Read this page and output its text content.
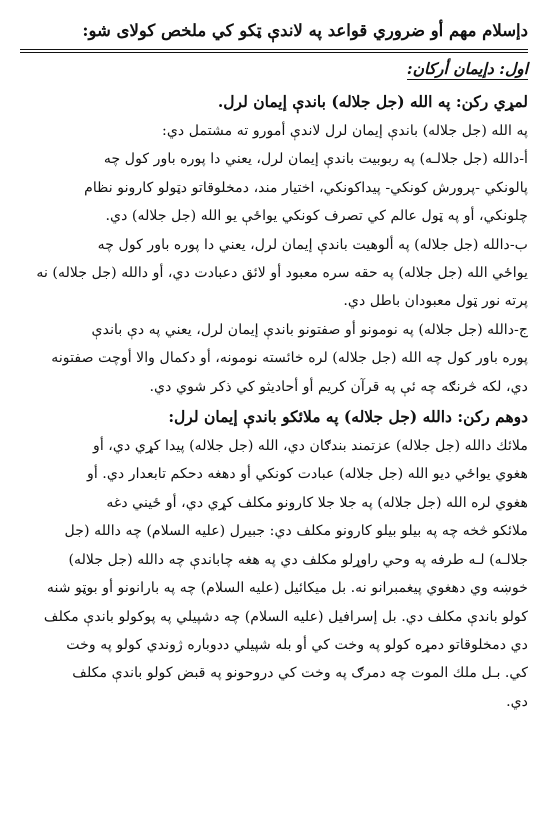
دإسلام مهم أو ضروري قواعد په لاندې ټکو کي ملخص کولای شو:
اول: دإيمان أركان:
لمړي ركن: په الله (جل جلاله) باندې إيمان لرل.
په الله (جل جلاله) باندې إيمان لرل لاندې أمورو ته مشتمل دي:
أ-دالله (جل جلالـه) په ربوبيت باندې إيمان لرل، يعني دا پوره باور كول چه
پالونكي -پرورش كونكي- پيداكونكي، اختيار مند، دمخلوقاتو دټولو كارونو نظام
چلونكي، أو په ټول عالم كي تصرف كونكي يواځې يو الله (جل جلاله) دي.
ب-دالله (جل جلاله) په ألوهيت باندې إيمان لرل، يعني دا پوره باور كول چه
يواځي الله (جل جلاله) په حقه سره معبود أو لائق دعبادت دي، أو دالله (جل جلاله) نه
پرته نور ټول معبودان باطل دي.
ج-دالله (جل جلاله) په نومونو أو صفتونو باندې إيمان لرل، يعني په دې باندې
پوره باور كول چه الله (جل جلاله) لره خائسته نومونه، أو دكمال والا أوچت صفتونه
دي، لكه څرنګه چه ئې په قرآن كريم أو أحاديثو كي ذكر شوي دي.
دوهم ركن: دالله (جل جلاله) په ملائكو باندې إيمان لرل:
ملائك دالله (جل جلاله) عزتمند بندګان دي، الله (جل جلاله) پيدا كړي دي، أو
هغوي يواځي ديو الله (جل جلاله) عبادت كونكي أو دهغه دحكم تابعدار دي. أو
هغوي لره الله (جل جلاله) په جلا جلا كارونو مكلف كړي دي، أو ځيني دغه
ملائكو څخه چه په بيلو بيلو كارونو مكلف دي: جبيرل (عليه السلام) چه دالله (جل
جلالـه) لـه طرفه په وحي راوړلو مكلف دي په هغه چاباندې چه دالله (جل جلاله)
خوښه وي دهغوي پيغمبرانو نه. بل ميكائيل (عليه السلام) چه په بارانونو أو بوټو شنه
كولو باندې مكلف دي. بل إسرافيل (عليه السلام) چه دشپيلي په پوكولو باندې مكلف
دي دمخلوقاتو دمړه كولو په وخت كي أو بله شپيلي ددوباره ژوندي كولو په وخت
كي. بـل ملك الموت چه دمرګ په وخت كي دروحونو په قبض كولو باندې مكلف
دي.
